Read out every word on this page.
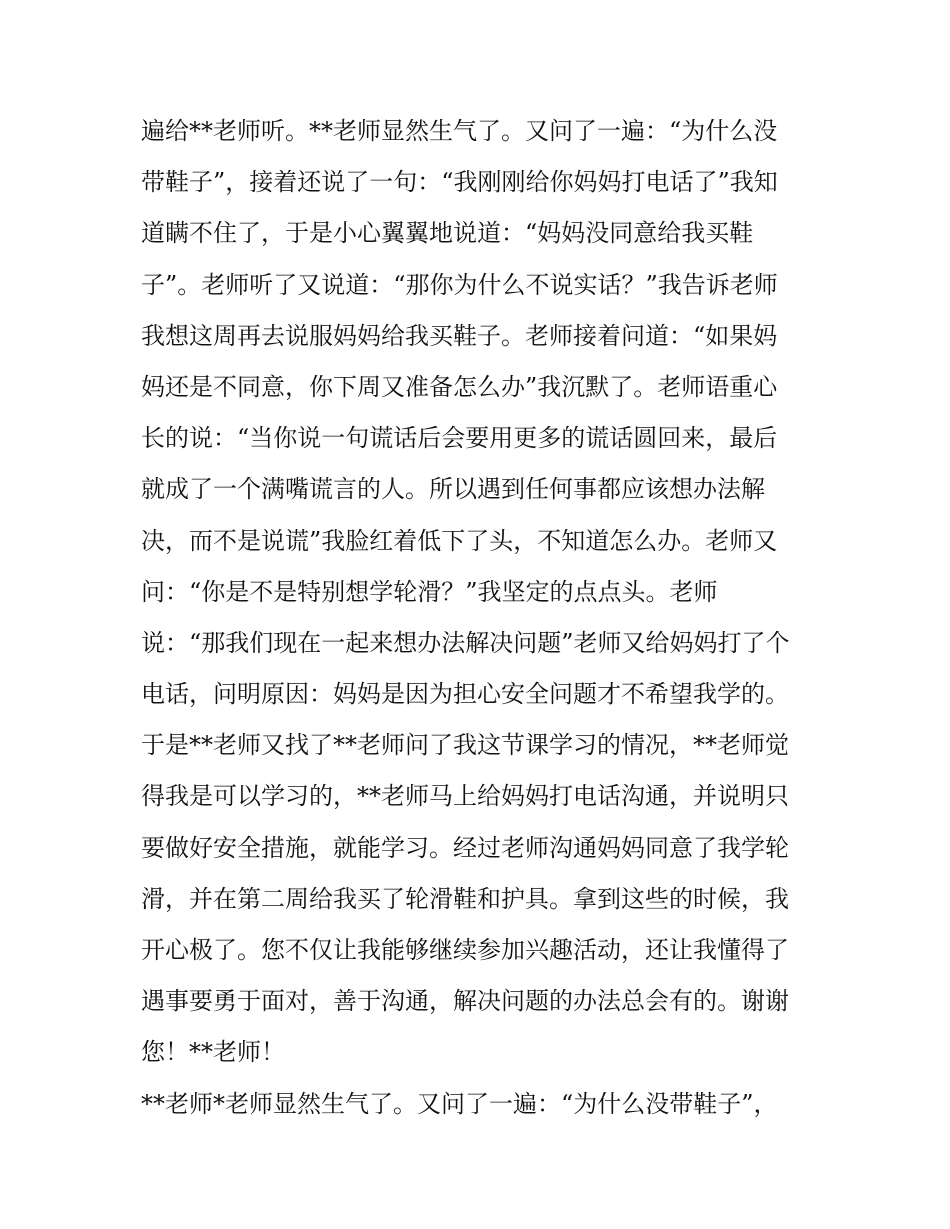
遍给**老师听。**老师显然生气了。又问了一遍：“为什么没
带鞋子”，接着还说了一句：“我刚刚给你妈妈打电话了”我知
道瞒不住了，于是小心翼翼地说道：“妈妈没同意给我买鞋
子”。老师听了又说道：“那你为什么不说实话？”我告诉老师
我想这周再去说服妈妈给我买鞋子。老师接着问道：“如果妈
妈还是不同意，你下周又准备怎么办”我沉默了。老师语重心
长的说：“当你说一句谎话后会要用更多的谎话圆回来，最后
就成了一个满嘴谎言的人。所以遇到任何事都应该想办法解
决，而不是说谎”我脸红着低下了头，不知道怎么办。老师又
问：“你是不是特别想学轮滑？”我坚定的点点头。老师
说：“那我们现在一起来想办法解决问题”老师又给妈妈打了个
电话，问明原因：妈妈是因为担心安全问题才不希望我学的。
于是**老师又找了**老师问了我这节课学习的情况，**老师觉
得我是可以学习的，**老师马上给妈妈打电话沟通，并说明只
要做好安全措施，就能学习。经过老师沟通妈妈同意了我学轮
滑，并在第二周给我买了轮滑鞋和护具。拿到这些的时候，我
开心极了。您不仅让我能够继续参加兴趣活动，还让我懂得了
遇事要勇于面对，善于沟通，解决问题的办法总会有的。谢谢
您！**老师！
**老师*老师显然生气了。又问了一遍：“为什么没带鞋子”，
